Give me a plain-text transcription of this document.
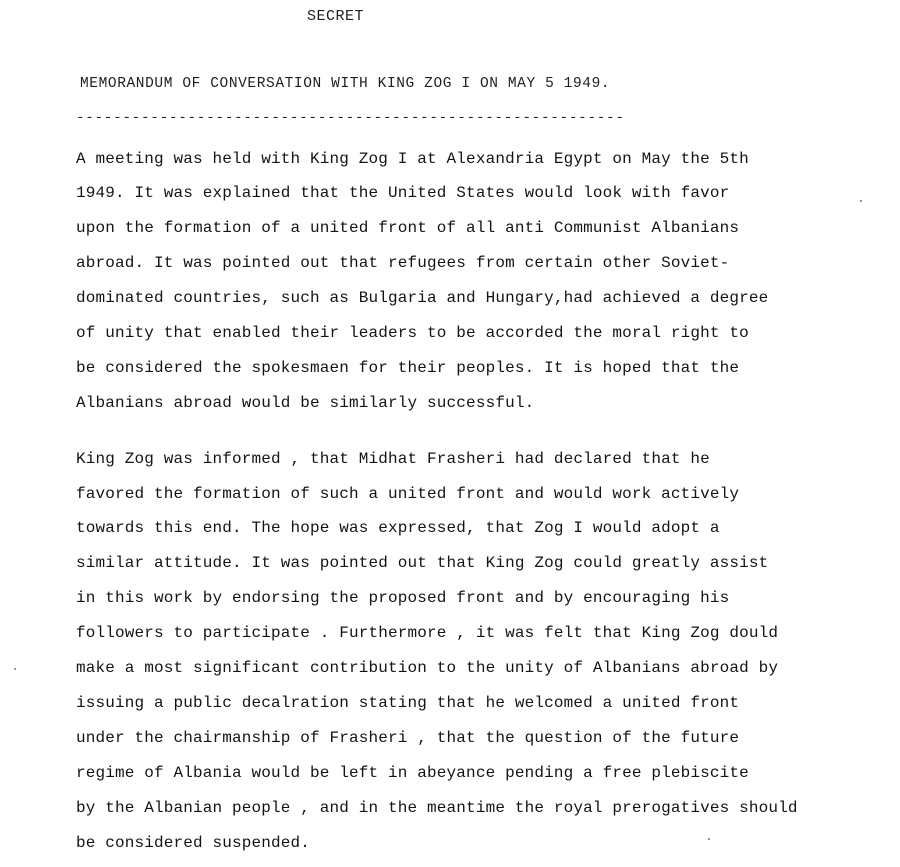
SECRET
MEMORANDUM OF CONVERSATION WITH KING ZOG I ON MAY 5 1949.
-----------------------------------------------------------
A meeting was held with King Zog I at Alexandria Egypt on May the 5th
1949. It was explained that the United States would look with favor
upon the formation of a united front of all anti Communist Albanians
abroad. It was pointed out that refugees from certain other Soviet-
dominated countries, such as Bulgaria and Hungary,had achieved a degree
of unity that enabled their leaders to be accorded the moral right to
be considered the spokesmaen for their peoples. It is hoped that the
Albanians abroad would be similarly successful.
King Zog was informed , that Midhat Frasheri had declared that he
favored the formation of such a united front and would work actively
towards this end. The hope was expressed, that Zog I would adopt a
similar attitude. It was pointed out that King Zog could greatly assist
in this work by endorsing the proposed front and by encouraging his
followers to participate . Furthermore , it was felt that King Zog dould
make a most significant contribution to the unity of Albanians abroad by
issuing a public decalration stating that he welcomed a united front
under the chairmanship of Frasheri , that the question of the future
regime of Albania would be left in abeyance pending a free plebiscite
by the Albanian people , and in the meantime the royal prerogatives should
be considered suspended.
